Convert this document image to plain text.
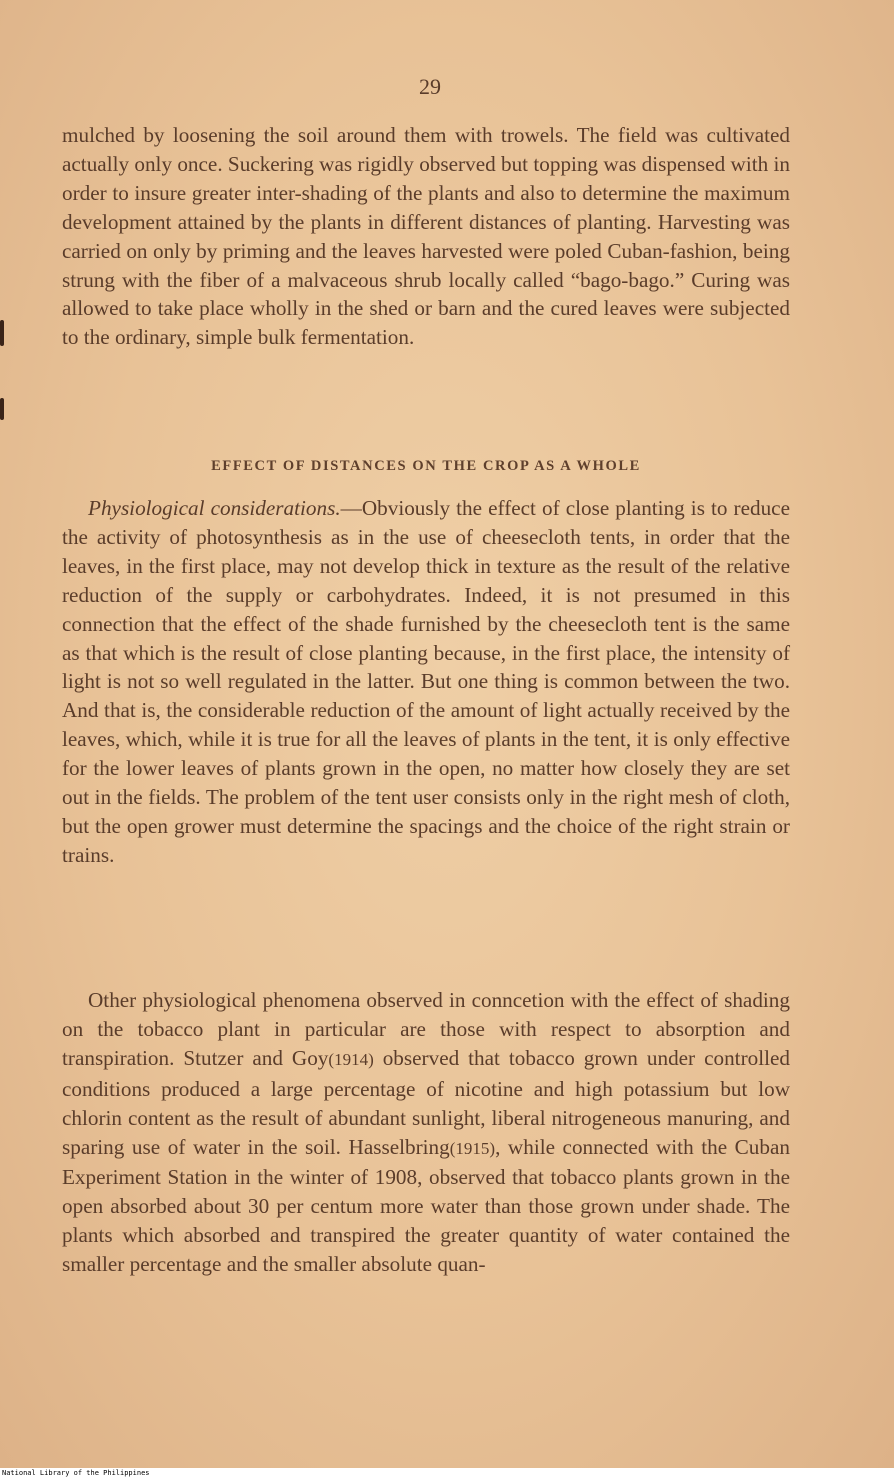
29

mulched by loosening the soil around them with trowels. The field was cultivated actually only once. Suckering was rigidly observed but topping was dispensed with in order to insure greater inter-shading of the plants and also to determine the maximum development attained by the plants in different distances of planting. Harvesting was carried on only by priming and the leaves harvested were poled Cuban-fashion, being strung with the fiber of a malvaceous shrub locally called “bago-bago.” Curing was allowed to take place wholly in the shed or barn and the cured leaves were subjected to the ordinary, simple bulk fermentation.

EFFECT OF DISTANCES ON THE CROP AS A WHOLE

Physiological considerations.—Obviously the effect of close planting is to reduce the activity of photosynthesis as in the use of cheesecloth tents, in order that the leaves, in the first place, may not develop thick in texture as the result of the relative reduction of the supply or carbohydrates. Indeed, it is not presumed in this connection that the effect of the shade furnished by the cheesecloth tent is the same as that which is the result of close planting because, in the first place, the intensity of light is not so well regulated in the latter. But one thing is common between the two. And that is, the considerable reduction of the amount of light actually received by the leaves, which, while it is true for all the leaves of plants in the tent, it is only effective for the lower leaves of plants grown in the open, no matter how closely they are set out in the fields. The problem of the tent user consists only in the right mesh of cloth, but the open grower must determine the spacings and the choice of the right strain or trains.

Other physiological phenomena observed in conncetion with the effect of shading on the tobacco plant in particular are those with respect to absorption and transpiration. Stutzer and Goy(1914) observed that tobacco grown under controlled conditions produced a large percentage of nicotine and high potassium but low chlorin content as the result of abundant sunlight, liberal nitrogeneous manuring, and sparing use of water in the soil. Hasselbring(1915), while connected with the Cuban Experiment Station in the winter of 1908, observed that tobacco plants grown in the open absorbed about 30 per centum more water than those grown under shade. The plants which absorbed and transpired the greater quantity of water contained the smaller percentage and the smaller absolute quan-

National Library of the Philippines
